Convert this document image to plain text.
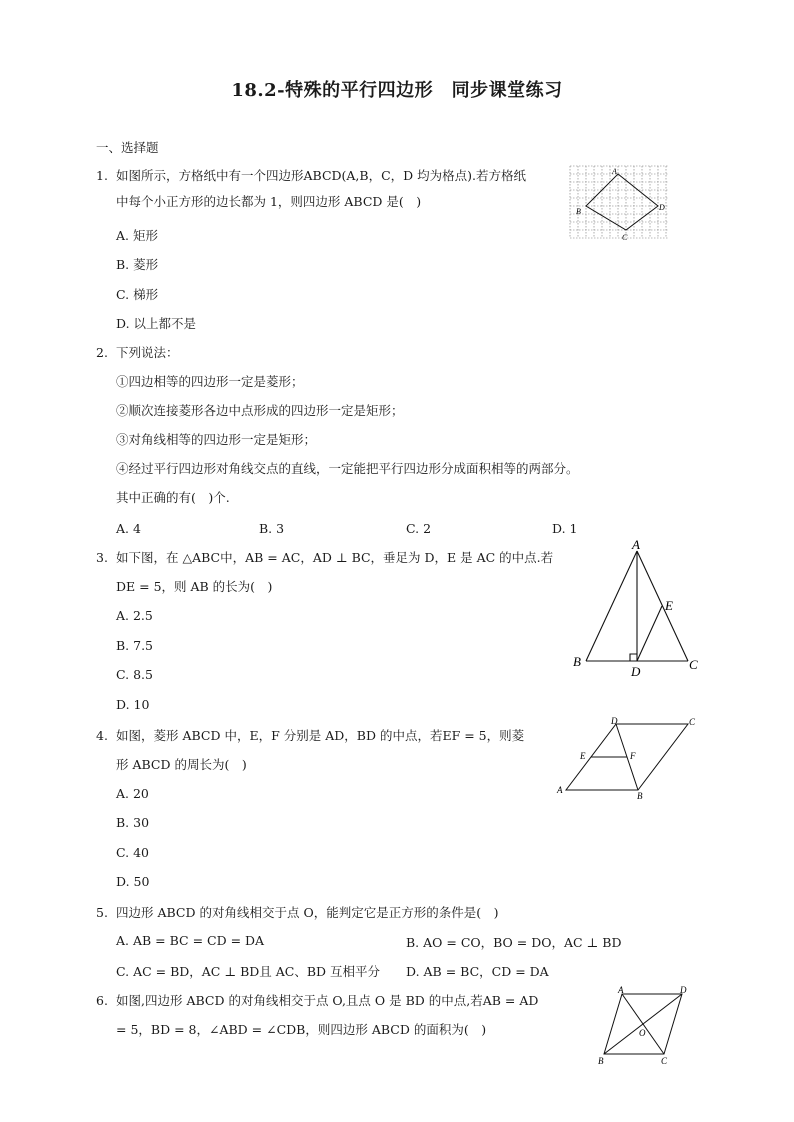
18.2-特殊的平行四边形　同步课堂练习
一、选择题
1. 如图所示，方格纸中有一个四边形ABCD(A,B，C，D 均为格点).若方格纸
中每个小正方形的边长都为 1，则四边形 ABCD 是(　)
A. 矩形
B. 菱形
C. 梯形
D. 以上都不是
A
B
C
D
2. 下列说法：
①四边相等的四边形一定是菱形；
②顺次连接菱形各边中点形成的四边形一定是矩形；
③对角线相等的四边形一定是矩形；
④经过平行四边形对角线交点的直线，一定能把平行四边形分成面积相等的两部分。
其中正确的有(　)个.
A. 4	B. 3	C. 2	D. 1
3. 如下图，在 △ABC中，AB = AC，AD ⊥ BC，垂足为 D，E 是 AC 的中点.若
DE = 5，则 AB 的长为(　)
A. 2.5
B. 7.5
C. 8.5
D. 10
A
B	C
D
E
4. 如图，菱形 ABCD 中，E，F 分别是 AD，BD 的中点，若EF = 5，则菱
形 ABCD 的周长为(　)
A. 20
B. 30
C. 40
D. 50
D	C
E	F
A
B
5. 四边形 ABCD 的对角线相交于点 O，能判定它是正方形的条件是(　)
A. AB = BC = CD = DA	B. AO = CO，BO = DO，AC ⊥ BD
C. AC = BD，AC ⊥ BD且 AC、BD 互相平分 D. AB = BC，CD = DA
6. 如图,四边形 ABCD 的对角线相交于点 O,且点 O 是 BD 的中点,若AB = AD
= 5，BD = 8，∠ABD = ∠CDB，则四边形 ABCD 的面积为(　)
A	D
O
B	C
